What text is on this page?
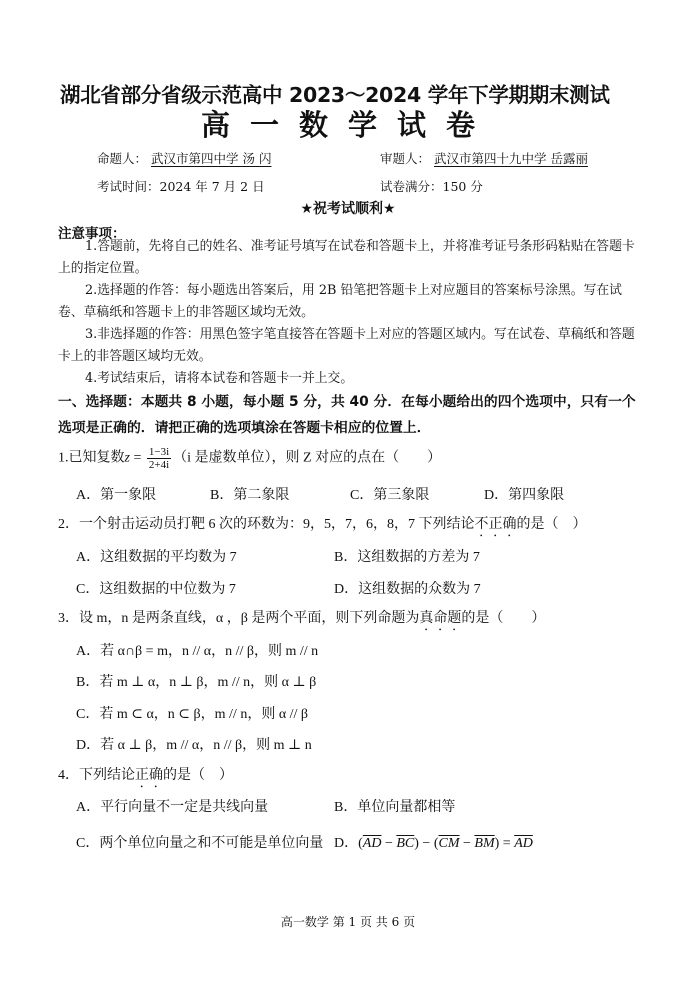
湖北省部分省级示范高中 2023～2024 学年下学期期末测试
高一数学试卷
命题人： 武汉市第四中学 汤 闪	审题人： 武汉市第四十九中学 岳露丽
考试时间：2024 年 7 月 2 日	试卷满分：150 分
★祝考试顺利★
注意事项：
1.答题前，先将自己的姓名、准考证号填写在试卷和答题卡上，并将准考证号条形码粘贴在答题卡上的指定位置。
2.选择题的作答：每小题选出答案后，用 2B 铅笔把答题卡上对应题目的答案标号涂黑。写在试卷、草稿纸和答题卡上的非答题区域均无效。
3.非选择题的作答：用黑色签字笔直接答在答题卡上对应的答题区域内。写在试卷、草稿纸和答题卡上的非答题区域均无效。
4.考试结束后，请将本试卷和答题卡一并上交。
一、选择题：本题共 8 小题，每小题 5 分，共 40 分．在每小题给出的四个选项中，只有一个选项是正确的．请把正确的选项填涂在答题卡相应的位置上．
1.已知复数$z = \frac{1-3i}{2+4i} (i$ 是虚数单位），则 Z 对应的点在（　　）
A．第一象限	B．第二象限	C．第三象限	D．第四象限
2．一个射击运动员打靶 6 次的环数为：9，5，7，6，8，7 下列结论不正确的是（　）
A．这组数据的平均数为 7	B．这组数据的方差为 7
C．这组数据的中位数为 7	D．这组数据的众数为 7
3．设 m，n 是两条直线，α ，β 是两个平面，则下列命题为真命题的是（　　）
A．若 α∩β = m，n // α，n // β，则 m // n
B．若 m ⊥ α，n ⊥ β，m // n，则 α ⊥ β
C．若 m ⊂ α，n ⊂ β，m // n，则 α // β
D．若 α ⊥ β，m // α，n // β，则 m ⊥ n
4．下列结论正确的是（　）
A．平行向量不一定是共线向量	B．单位向量都相等
C．两个单位向量之和不可能是单位向量 D．$(\overline{AD} - \overline{BC}) - (\overline{CM} - \overline{BM}) = \overline{AD}$
高一数学 第 1 页 共 6 页
